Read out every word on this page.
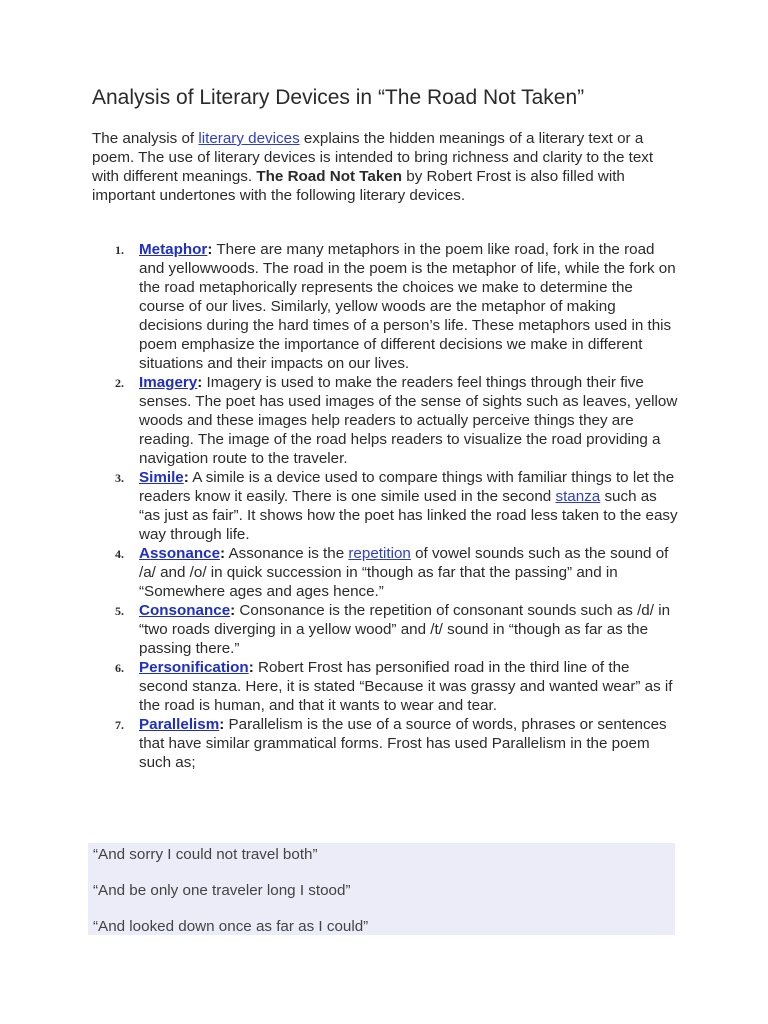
Analysis of Literary Devices in “The Road Not Taken”

The analysis of literary devices explains the hidden meanings of a literary text or a poem. The use of literary devices is intended to bring richness and clarity to the text with different meanings. The Road Not Taken by Robert Frost is also filled with important undertones with the following literary devices.

1. Metaphor: There are many metaphors in the poem like road, fork in the road and yellowwoods. The road in the poem is the metaphor of life, while the fork on the road metaphorically represents the choices we make to determine the course of our lives. Similarly, yellow woods are the metaphor of making decisions during the hard times of a person’s life. These metaphors used in this poem emphasize the importance of different decisions we make in different situations and their impacts on our lives.
2. Imagery: Imagery is used to make the readers feel things through their five senses. The poet has used images of the sense of sights such as leaves, yellow woods and these images help readers to actually perceive things they are reading. The image of the road helps readers to visualize the road providing a navigation route to the traveler.
3. Simile: A simile is a device used to compare things with familiar things to let the readers know it easily. There is one simile used in the second stanza such as “as just as fair”. It shows how the poet has linked the road less taken to the easy way through life.
4. Assonance: Assonance is the repetition of vowel sounds such as the sound of /a/ and /o/ in quick succession in “though as far that the passing” and in “Somewhere ages and ages hence.”
5. Consonance: Consonance is the repetition of consonant sounds such as /d/ in “two roads diverging in a yellow wood” and /t/ sound in “though as far as the passing there.”
6. Personification: Robert Frost has personified road in the third line of the second stanza. Here, it is stated “Because it was grassy and wanted wear” as if the road is human, and that it wants to wear and tear.
7. Parallelism: Parallelism is the use of a source of words, phrases or sentences that have similar grammatical forms. Frost has used Parallelism in the poem such as;
“And sorry I could not travel both”
“And be only one traveler long I stood”
“And looked down once as far as I could”
